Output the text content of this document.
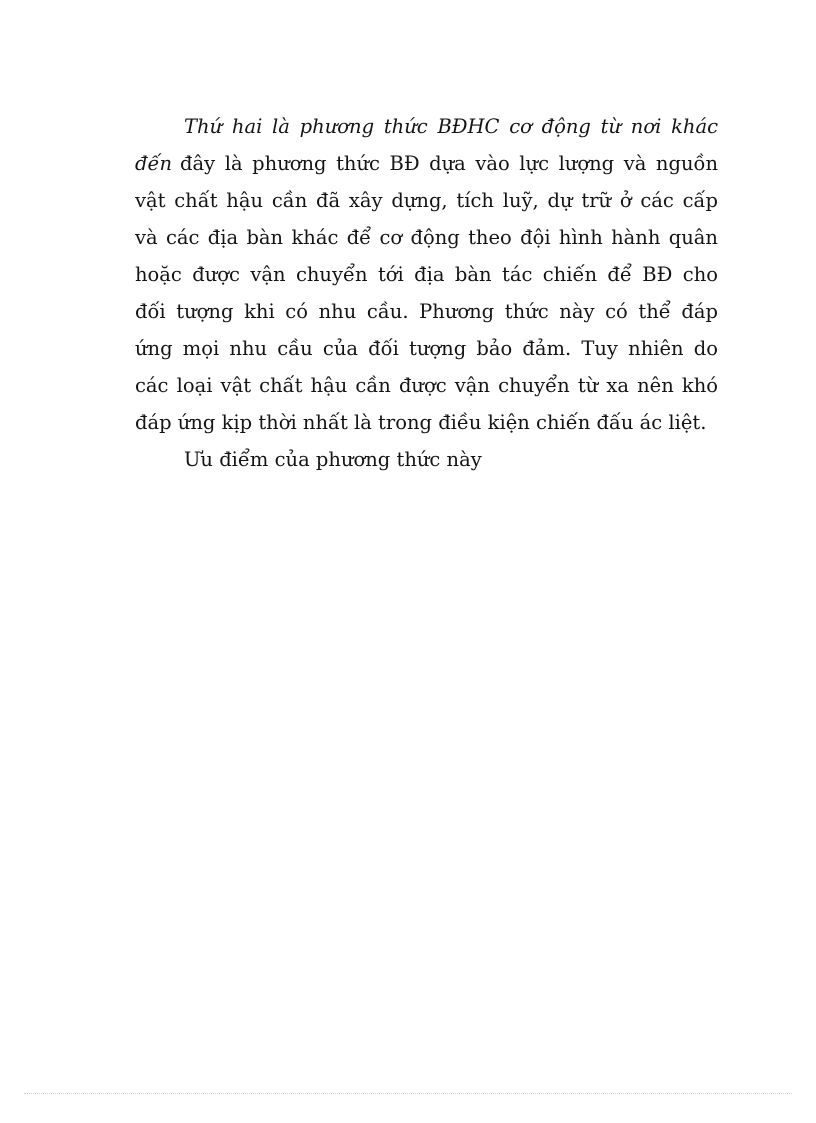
Thứ hai là phương thức BĐHC cơ động từ nơi khác
đến đây là phương thức BĐ dựa vào lực lượng và nguồn
vật chất hậu cần đã xây dựng, tích luỹ, dự trữ ở các cấp
và các địa bàn khác để cơ động theo đội hình hành quân
hoặc được vận chuyển tới địa bàn tác chiến để BĐ cho
đối tượng khi có nhu cầu. Phương thức này có thể đáp
ứng mọi nhu cầu của đối tượng bảo đảm. Tuy nhiên do
các loại vật chất hậu cần được vận chuyển từ xa nên khó
đáp ứng kịp thời nhất là trong điều kiện chiến đấu ác liệt.
Ưu điểm của phương thức này
